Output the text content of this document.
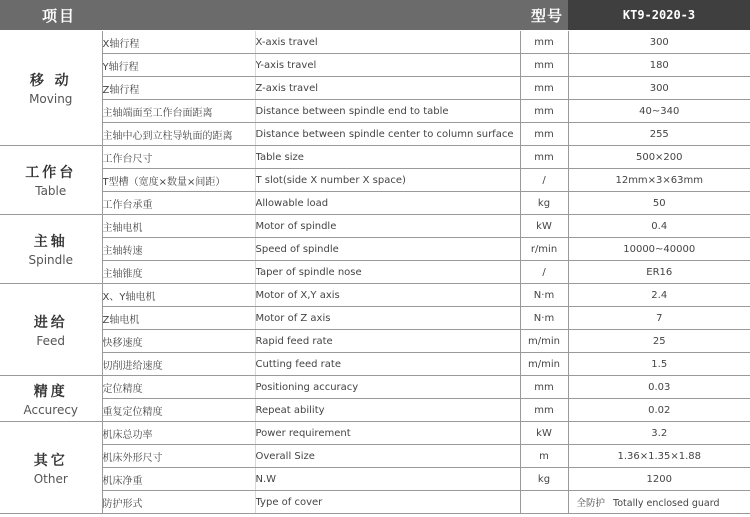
项目	型号	KT9-2020-3
移 动
Moving	X轴行程	X-axis travel	mm	300
	Y轴行程	Y-axis travel	mm	180
	Z轴行程	Z-axis travel	mm	300
	主轴端面至工作台面距离	Distance between spindle end to table	mm	40~340
	主轴中心到立柱导轨面的距离	Distance between spindle center to column surface	mm	255

工作台
Table	工作台尺寸	Table size	mm	500×200
	T型槽（宽度×数量×间距）	T slot(side X number X space)	/	12mm×3×63mm
	工作台承重	Allowable load	kg	50

主轴
Spindle	主轴电机	Motor of spindle	kW	0.4
	主轴转速	Speed of spindle	r/min	10000~40000
	主轴锥度	Taper of spindle nose	/	ER16

进给
Feed	X、Y轴电机	Motor of X,Y axis	N·m	2.4
	Z轴电机	Motor of Z axis	N·m	7
	快移速度	Rapid feed rate	m/min	25
	切削进给速度	Cutting feed rate	m/min	1.5

精度
Accurecy	定位精度	Positioning accuracy	mm	0.03
	重复定位精度	Repeat ability	mm	0.02

其它
Other	机床总功率	Power requirement	kW	3.2
	机床外形尺寸	Overall Size	m	1.36×1.35×1.88
	机床净重	N.W	kg	1200
	防护形式	Type of cover		全防护 Totally enclosed guard
